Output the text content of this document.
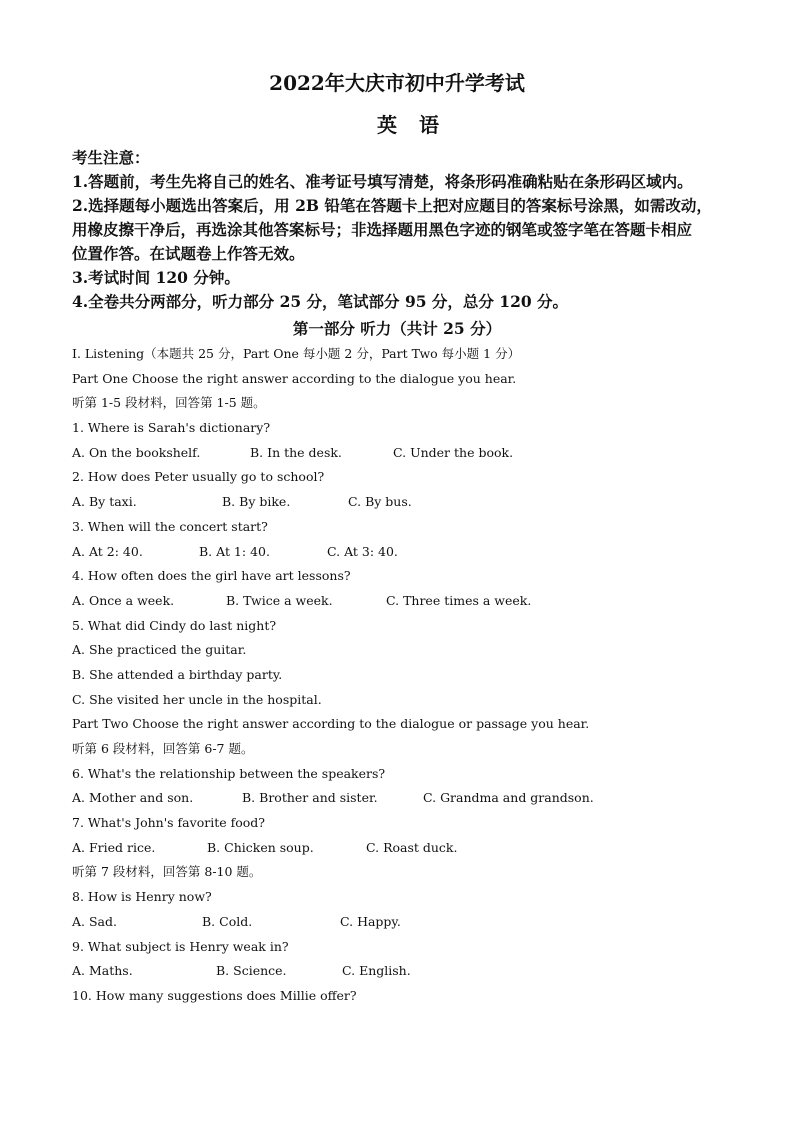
2022年大庆市初中升学考试
英语
考生注意：
1.答题前，考生先将自己的姓名、准考证号填写清楚，将条形码准确粘贴在条形码区域内。
2.选择题每小题选出答案后，用 2B 铅笔在答题卡上把对应题目的答案标号涂黑，如需改动，
用橡皮擦干净后，再选涂其他答案标号；非选择题用黑色字迹的钢笔或签字笔在答题卡相应
位置作答。在试题卷上作答无效。
3.考试时间 120 分钟。
4.全卷共分两部分，听力部分 25 分，笔试部分 95 分，总分 120 分。
第一部分 听力（共计 25 分）
I. Listening（本题共 25 分，Part One 每小题 2 分，Part Two 每小题 1 分）
Part One Choose the right answer according to the dialogue you hear.
听第 1-5 段材料，回答第 1-5 题。
1. Where is Sarah's dictionary?
A. On the bookshelf.	B. In the desk.	C. Under the book.
2. How does Peter usually go to school?
A. By taxi.	B. By bike.	C. By bus.
3. When will the concert start?
A. At 2: 40.	B. At 1: 40.	C. At 3: 40.
4. How often does the girl have art lessons?
A. Once a week.	B. Twice a week.	C. Three times a week.
5. What did Cindy do last night?
A. She practiced the guitar.
B. She attended a birthday party.
C. She visited her uncle in the hospital.
Part Two Choose the right answer according to the dialogue or passage you hear.
听第 6 段材料，回答第 6-7 题。
6. What's the relationship between the speakers?
A. Mother and son.	B. Brother and sister.	C. Grandma and grandson.
7. What's John's favorite food?
A. Fried rice.	B. Chicken soup.	C. Roast duck.
听第 7 段材料，回答第 8-10 题。
8. How is Henry now?
A. Sad.	B. Cold.	C. Happy.
9. What subject is Henry weak in?
A. Maths.	B. Science.	C. English.
10. How many suggestions does Millie offer?
